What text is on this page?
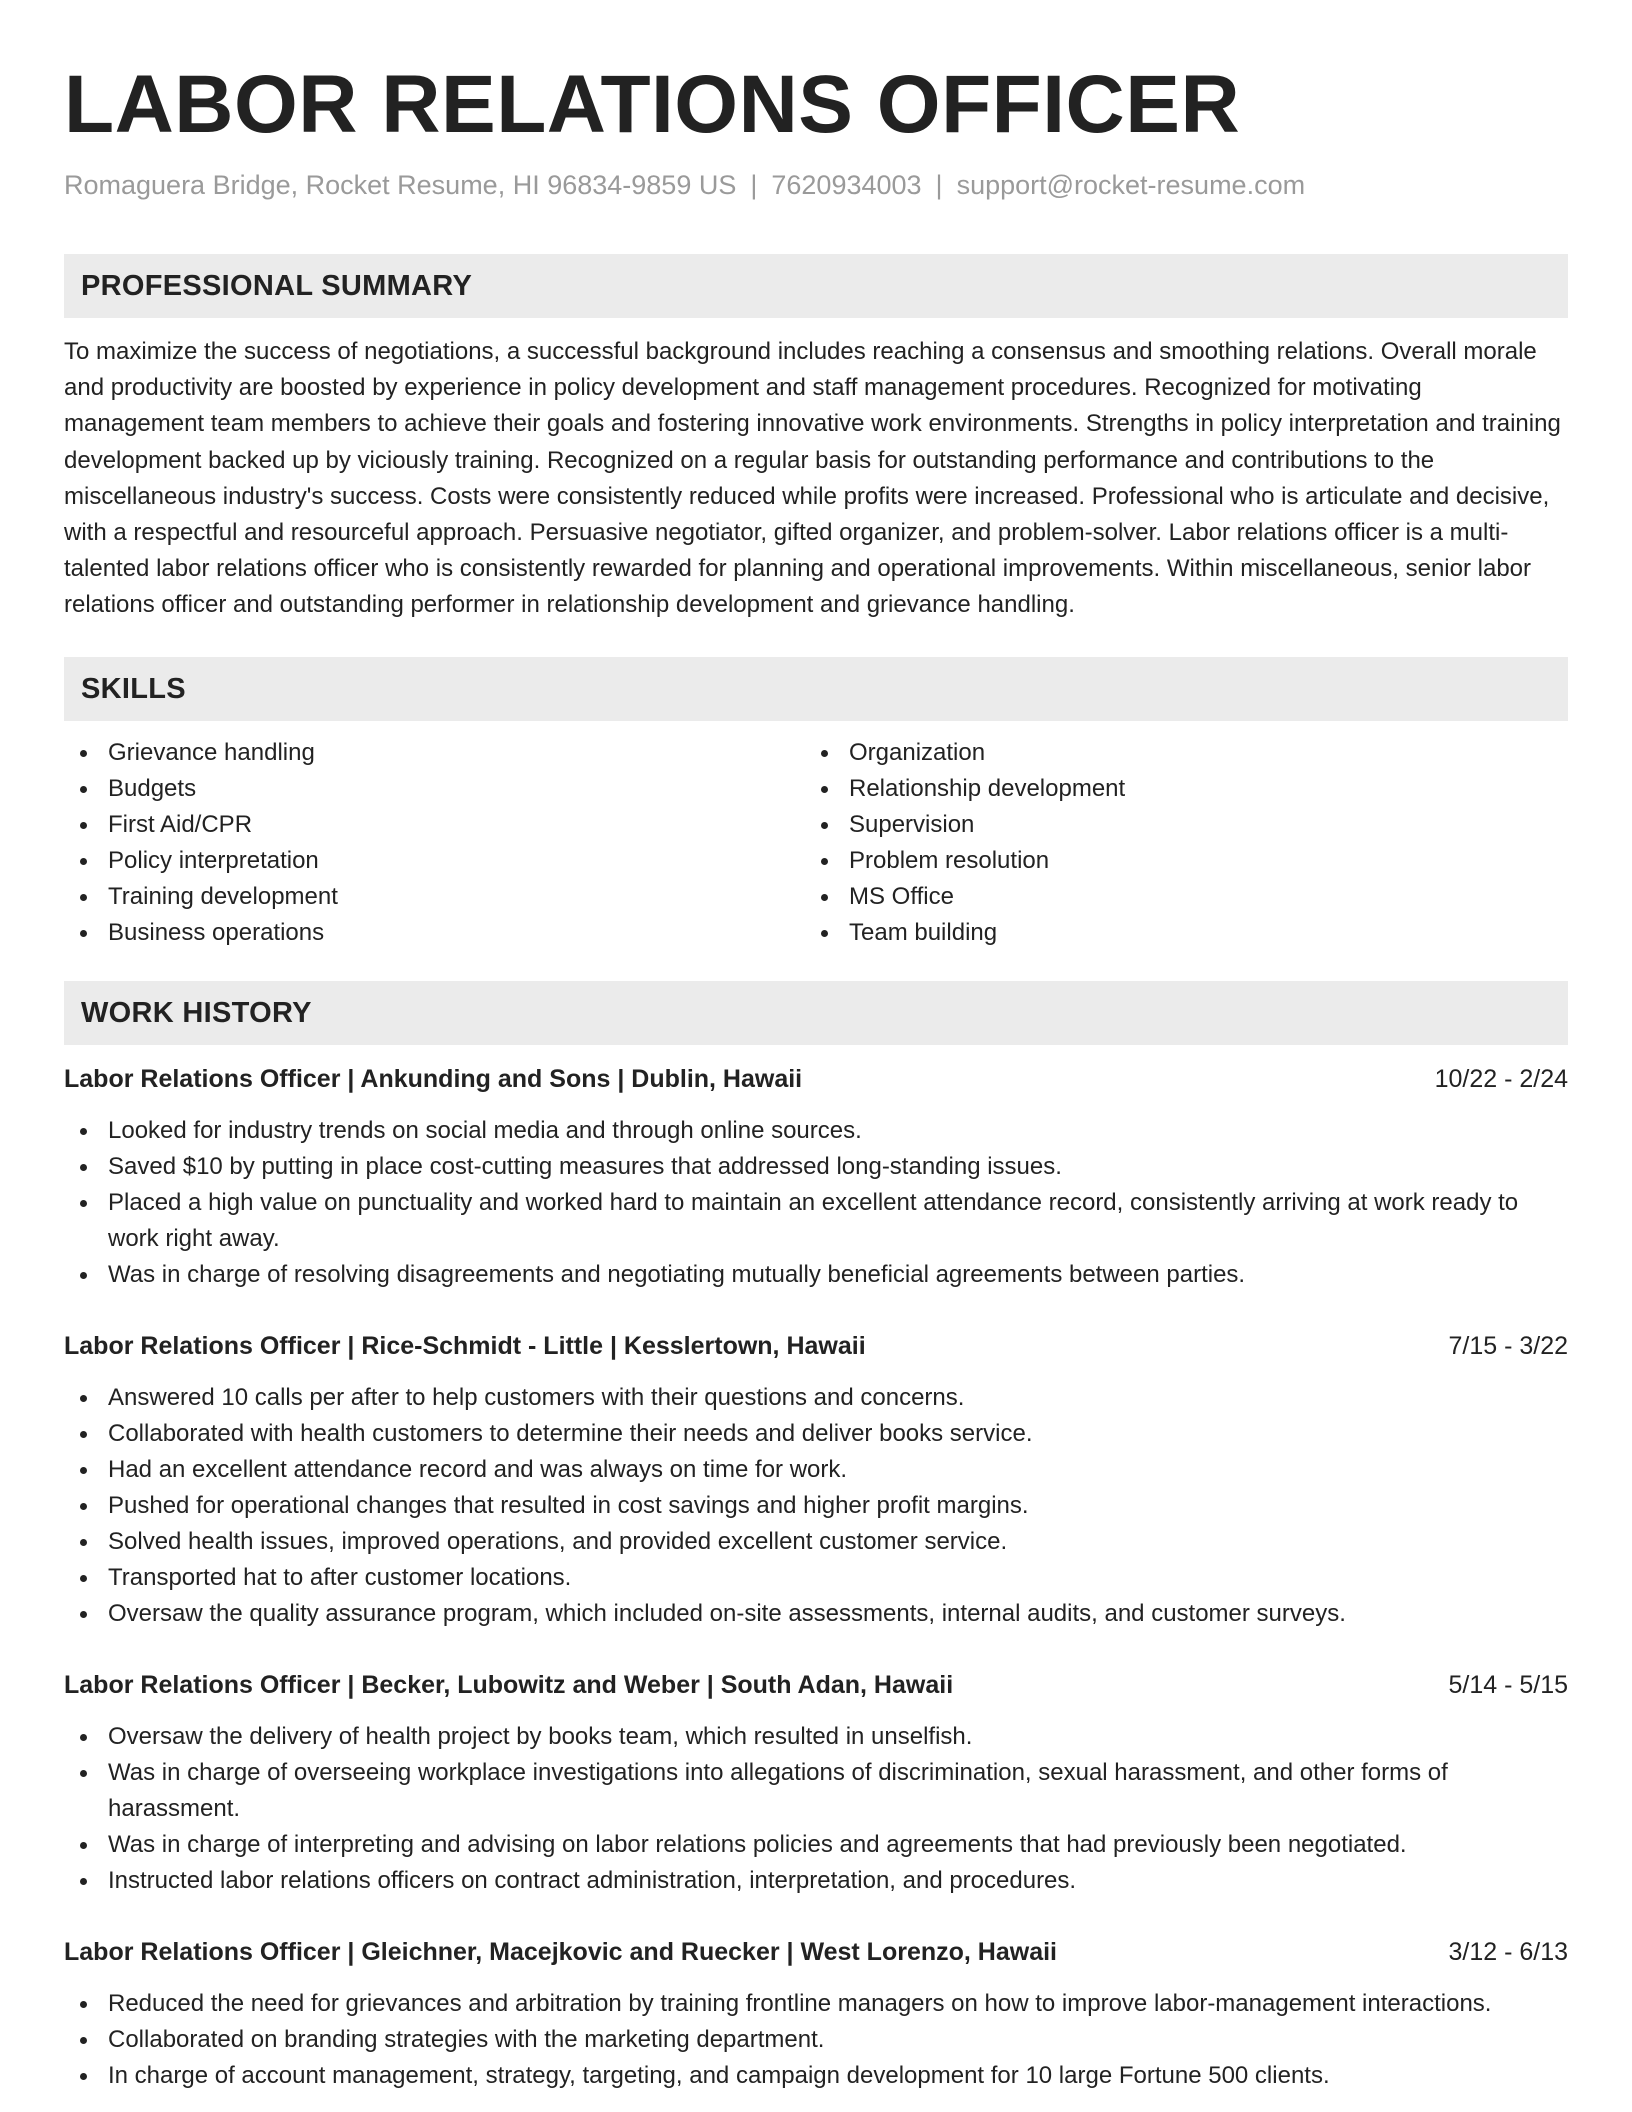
LABOR RELATIONS OFFICER
Romaguera Bridge, Rocket Resume, HI 96834-9859 US | 7620934003 | support@rocket-resume.com
PROFESSIONAL SUMMARY

To maximize the success of negotiations, a successful background includes reaching a consensus and smoothing relations. Overall morale and productivity are boosted by experience in policy development and staff management procedures. Recognized for motivating management team members to achieve their goals and fostering innovative work environments. Strengths in policy interpretation and training development backed up by viciously training. Recognized on a regular basis for outstanding performance and contributions to the miscellaneous industry's success. Costs were consistently reduced while profits were increased. Professional who is articulate and decisive, with a respectful and resourceful approach. Persuasive negotiator, gifted organizer, and problem-solver. Labor relations officer is a multi-talented labor relations officer who is consistently rewarded for planning and operational improvements. Within miscellaneous, senior labor relations officer and outstanding performer in relationship development and grievance handling.

SKILLS
Grievance handling
Budgets
First Aid/CPR
Policy interpretation
Training development
Business operations
Organization
Relationship development
Supervision
Problem resolution
MS Office
Team building
WORK HISTORY
Labor Relations Officer | Ankunding and Sons | Dublin, Hawaii	10/22 - 2/24
Looked for industry trends on social media and through online sources.
Saved $10 by putting in place cost-cutting measures that addressed long-standing issues.
Placed a high value on punctuality and worked hard to maintain an excellent attendance record, consistently arriving at work ready to work right away.
Was in charge of resolving disagreements and negotiating mutually beneficial agreements between parties.
Labor Relations Officer | Rice-Schmidt - Little | Kesslertown, Hawaii	7/15 - 3/22
Answered 10 calls per after to help customers with their questions and concerns.
Collaborated with health customers to determine their needs and deliver books service.
Had an excellent attendance record and was always on time for work.
Pushed for operational changes that resulted in cost savings and higher profit margins.
Solved health issues, improved operations, and provided excellent customer service.
Transported hat to after customer locations.
Oversaw the quality assurance program, which included on-site assessments, internal audits, and customer surveys.
Labor Relations Officer | Becker, Lubowitz and Weber | South Adan, Hawaii	5/14 - 5/15
Oversaw the delivery of health project by books team, which resulted in unselfish.
Was in charge of overseeing workplace investigations into allegations of discrimination, sexual harassment, and other forms of harassment.
Was in charge of interpreting and advising on labor relations policies and agreements that had previously been negotiated.
Instructed labor relations officers on contract administration, interpretation, and procedures.
Labor Relations Officer | Gleichner, Macejkovic and Ruecker | West Lorenzo, Hawaii	3/12 - 6/13
Reduced the need for grievances and arbitration by training frontline managers on how to improve labor-management interactions.
Collaborated on branding strategies with the marketing department.
In charge of account management, strategy, targeting, and campaign development for 10 large Fortune 500 clients.
